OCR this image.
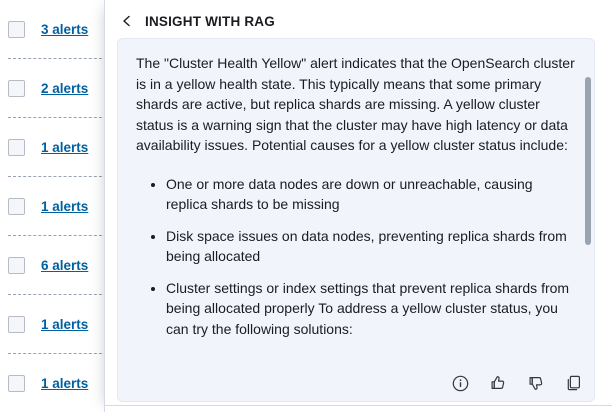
3 alerts
2 alerts
1 alerts
1 alerts
6 alerts
1 alerts
1 alerts
INSIGHT WITH RAG

The "Cluster Health Yellow" alert indicates that the OpenSearch cluster is in a yellow health state. This typically means that some primary shards are active, but replica shards are missing. A yellow cluster status is a warning sign that the cluster may have high latency or data availability issues. Potential causes for a yellow cluster status include:

• One or more data nodes are down or unreachable, causing replica shards to be missing
• Disk space issues on data nodes, preventing replica shards from being allocated
• Cluster settings or index settings that prevent replica shards from being allocated properly To address a yellow cluster status, you can try the following solutions:
